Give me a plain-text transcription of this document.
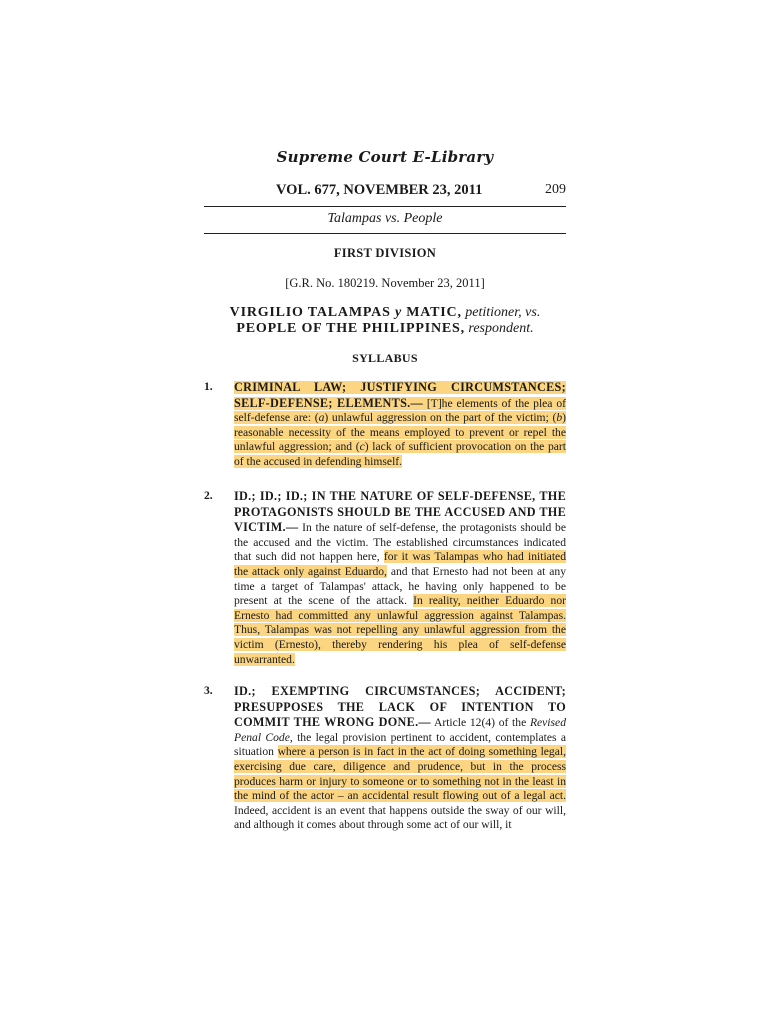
Supreme Court E-Library
VOL. 677, NOVEMBER 23, 2011	209
Talampas vs. People
FIRST DIVISION
[G.R. No. 180219. November 23, 2011]
VIRGILIO TALAMPAS y MATIC, petitioner, vs.
PEOPLE OF THE PHILIPPINES, respondent.
SYLLABUS
1. CRIMINAL LAW; JUSTIFYING CIRCUMSTANCES; SELF-DEFENSE; ELEMENTS.— [T]he elements of the plea of self-defense are: (a) unlawful aggression on the part of the victim; (b) reasonable necessity of the means employed to prevent or repel the unlawful aggression; and (c) lack of sufficient provocation on the part of the accused in defending himself.
2. ID.; ID.; ID.; IN THE NATURE OF SELF-DEFENSE, THE PROTAGONISTS SHOULD BE THE ACCUSED AND THE VICTIM.— In the nature of self-defense, the protagonists should be the accused and the victim. The established circumstances indicated that such did not happen here, for it was Talampas who had initiated the attack only against Eduardo, and that Ernesto had not been at any time a target of Talampas' attack, he having only happened to be present at the scene of the attack. In reality, neither Eduardo nor Ernesto had committed any unlawful aggression against Talampas. Thus, Talampas was not repelling any unlawful aggression from the victim (Ernesto), thereby rendering his plea of self-defense unwarranted.
3. ID.; EXEMPTING CIRCUMSTANCES; ACCIDENT; PRESUPPOSES THE LACK OF INTENTION TO COMMIT THE WRONG DONE.— Article 12(4) of the Revised Penal Code, the legal provision pertinent to accident, contemplates a situation where a person is in fact in the act of doing something legal, exercising due care, diligence and prudence, but in the process produces harm or injury to someone or to something not in the least in the mind of the actor – an accidental result flowing out of a legal act. Indeed, accident is an event that happens outside the sway of our will, and although it comes about through some act of our will, it
